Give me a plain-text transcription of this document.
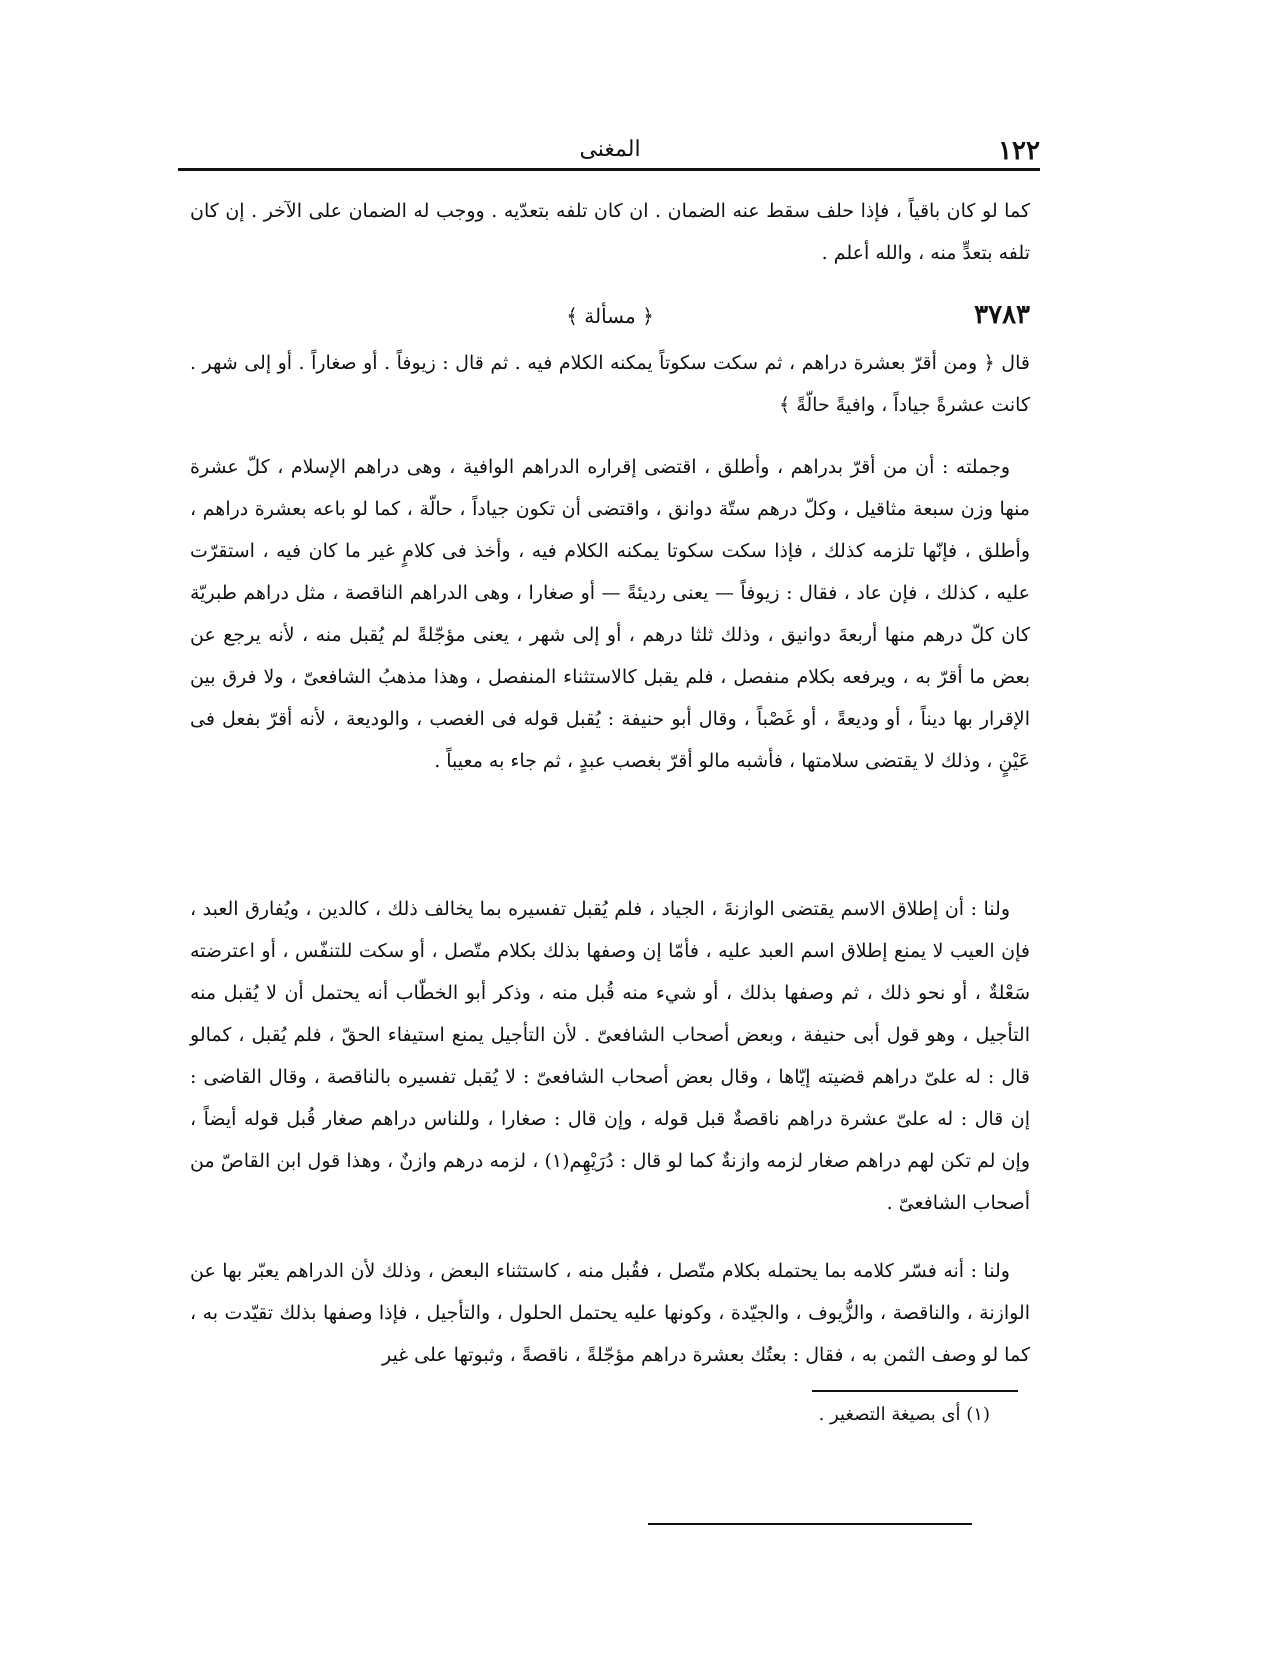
١٢٢
المغنى

كما لو كان باقياً ، فإذا حلف سقط عنه الضمان . ان كان تلفه بتعدّيه . ووجب له الضمان على الآخر . إن كان تلفه بتعدٍّ منه ، والله أعلم .

٣٧٨٣
﴿ مسألة ﴾

قال ﴿ ومن أقرّ بعشرة دراهم ، ثم سكت سكوتاً يمكنه الكلام فيه . ثم قال : زيوفاً . أو صغاراً . أو إلى شهر . كانت عشرةً جياداً ، وافيةً حالّةً ﴾

وجملته : أن من أقرّ بدراهم ، وأطلق ، اقتضى إقراره الدراهم الوافية ، وهى دراهم الإسلام ، كلّ عشرة منها وزن سبعة مثاقيل ، وكلّ درهم ستّة دوانق ، واقتضى أن تكون جياداً ، حالّة ، كما لو باعه بعشرة دراهم ، وأطلق ، فإنّها تلزمه كذلك ، فإذا سكت سكوتا يمكنه الكلام فيه ، وأخذ فى كلامٍ غير ما كان فيه ، استقرّت عليه ، كذلك ، فإن عاد ، فقال : زيوفاً — يعنى رديئةً — أو صغارا ، وهى الدراهم الناقصة ، مثل دراهم طبريّة كان كلّ درهم منها أربعةَ دوانيق ، وذلك ثلثا درهم ، أو إلى شهر ، يعنى مؤجّلةً لم يُقبل منه ، لأنه يرجع عن بعض ما أقرّ به ، ويرفعه بكلام منفصل ، فلم يقبل كالاستثناء المنفصل ، وهذا مذهبُ الشافعىّ ، ولا فرق بين الإقرار بها ديناً ، أو وديعةً ، أو غَصْباً ، وقال أبو حنيفة : يُقبل قوله فى الغصب ، والوديعة ، لأنه أقرّ بفعل فى عَيْنٍ ، وذلك لا يقتضى سلامتها ، فأشبه مالو أقرّ بغصب عبدٍ ، ثم جاء به معيباً .

ولنا : أن إطلاق الاسم يقتضى الوازنةَ ، الجياد ، فلم يُقبل تفسيره بما يخالف ذلك ، كالدين ، ويُفارق العبد ، فإن العيب لا يمنع إطلاق اسم العبد عليه ، فأمّا إن وصفها بذلك بكلام متّصل ، أو سكت للتنفّس ، أو اعترضته سَعْلةٌ ، أو نحو ذلك ، ثم وصفها بذلك ، أو شيء منه قُبل منه ، وذكر أبو الخطّاب أنه يحتمل أن لا يُقبل منه التأجيل ، وهو قول أبى حنيفة ، وبعض أصحاب الشافعىّ . لأن التأجيل يمنع استيفاء الحقّ ، فلم يُقبل ، كمالو قال : له علىّ دراهم قضيته إيّاها ، وقال بعض أصحاب الشافعىّ : لا يُقبل تفسيره بالناقصة ، وقال القاضى : إن قال : له علىّ عشرة دراهم ناقصةٌ قبل قوله ، وإن قال : صغارا ، وللناس دراهم صغار قُبل قوله أيضاً ، وإن لم تكن لهم دراهم صغار لزمه وازنةٌ كما لو قال : دُرَيْهِم(١) ، لزمه درهم وازنٌ ، وهذا قول ابن القاصّ من أصحاب الشافعىّ .

ولنا : أنه فسّر كلامه بما يحتمله بكلام متّصل ، فقُبل منه ، كاستثناء البعض ، وذلك لأن الدراهم يعبّر بها عن الوازنة ، والناقصة ، والزُّيوف ، والجيّدة ، وكونها عليه يحتمل الحلول ، والتأجيل ، فإذا وصفها بذلك تقيّدت به ، كما لو وصف الثمن به ، فقال : بعتُك بعشرة دراهم مؤجّلةً ، ناقصةً ، وثبوتها على غير

(١) أى بصيغة التصغير .
